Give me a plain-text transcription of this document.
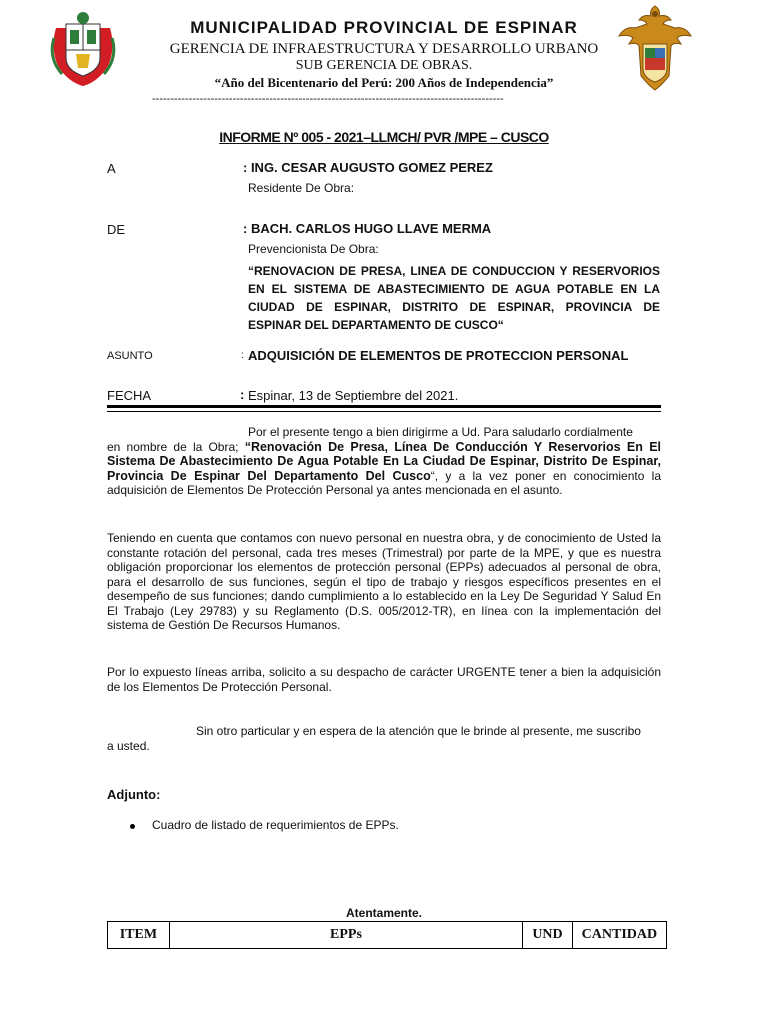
MUNICIPALIDAD PROVINCIAL DE ESPINAR
GERENCIA DE INFRAESTRUCTURA Y DESARROLLO URBANO
SUB GERENCIA DE OBRAS.
“Año del Bicentenario del Perú: 200 Años de Independencia”
------------------------------------------------------------------------------------------------
INFORME Nº 005 - 2021–LLMCH/ PVR /MPE – CUSCO
A	: ING. CESAR AUGUSTO GOMEZ PEREZ
Residente De Obra:
DE	: BACH. CARLOS HUGO LLAVE MERMA
Prevencionista De Obra:
“RENOVACION DE PRESA, LINEA DE CONDUCCION Y RESERVORIOS EN EL SISTEMA DE ABASTECIMIENTO DE AGUA POTABLE EN LA CIUDAD DE ESPINAR, DISTRITO DE ESPINAR, PROVINCIA DE ESPINAR DEL DEPARTAMENTO DE CUSCO“
ASUNTO	: ADQUISICIÓN DE ELEMENTOS DE PROTECCION PERSONAL
FECHA	: Espinar, 13 de Septiembre del 2021.
Por el presente tengo a bien dirigirme a Ud. Para saludarlo cordialmente
en nombre de la Obra; “Renovación De Presa, Línea De Conducción Y Reservorios En El Sistema De Abastecimiento De Agua Potable En La Ciudad De Espinar, Distrito De Espinar, Provincia De Espinar Del Departamento Del Cusco“, y a la vez poner en conocimiento la adquisición de Elementos De Protección Personal ya antes mencionada en el asunto.
Teniendo en cuenta que contamos con nuevo personal en nuestra obra, y de conocimiento de Usted la constante rotación del personal, cada tres meses (Trimestral) por parte de la MPE, y que es nuestra obligación proporcionar los elementos de protección personal (EPPs) adecuados al personal de obra, para el desarrollo de sus funciones, según el tipo de trabajo y riesgos específicos presentes en el desempeño de sus funciones; dando cumplimiento a lo establecido en la Ley De Seguridad Y Salud En El Trabajo (Ley 29783) y su Reglamento (D.S. 005/2012-TR), en línea con la implementación del sistema de Gestión De Recursos Humanos.
Por lo expuesto líneas arriba, solicito a su despacho de carácter URGENTE tener a bien la adquisición de los Elementos De Protección Personal.
Sin otro particular y en espera de la atención que le brinde al presente, me suscribo
a usted.
Adjunto:
Cuadro de listado de requerimientos de EPPs.
Atentamente.
ITEM	EPPs	UND	CANTIDAD
